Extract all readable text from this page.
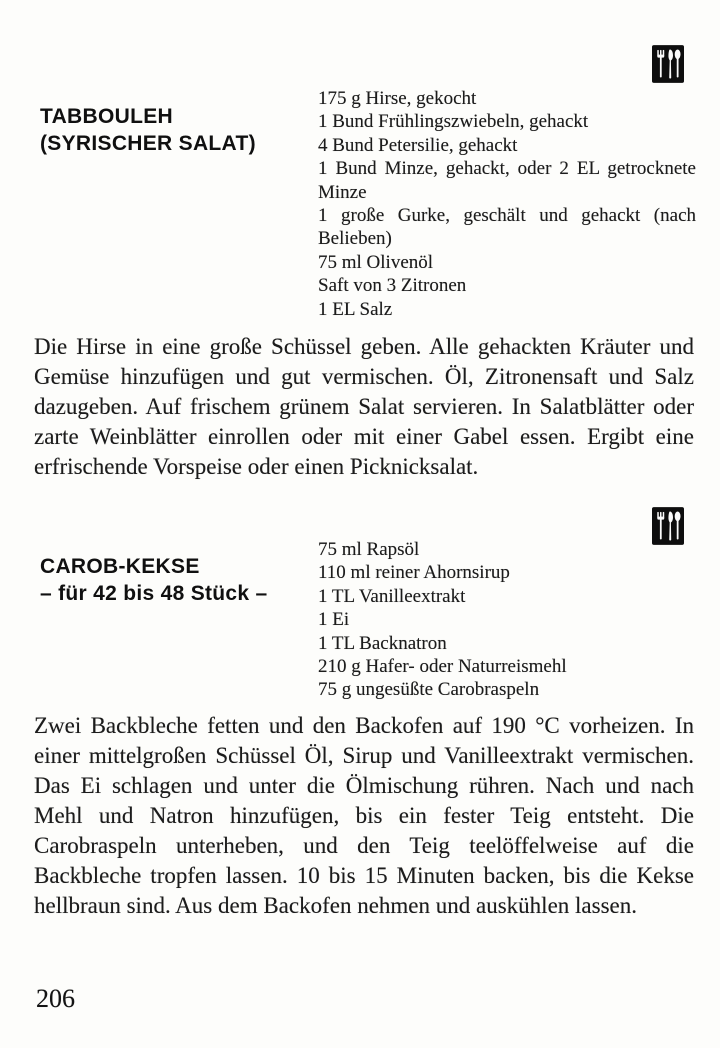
TABBOULEH
(SYRISCHER SALAT)
175 g Hirse, gekocht
1 Bund Frühlingszwiebeln, gehackt
4 Bund Petersilie, gehackt
1 Bund Minze, gehackt, oder 2 EL getrocknete Minze
1 große Gurke, geschält und gehackt (nach Belieben)
75 ml Olivenöl
Saft von 3 Zitronen
1 EL Salz

Die Hirse in eine große Schüssel geben. Alle gehackten Kräuter und Gemüse hinzufügen und gut vermischen. Öl, Zitronensaft und Salz dazugeben. Auf frischem grünem Salat servieren. In Salatblätter oder zarte Weinblätter einrollen oder mit einer Gabel essen. Ergibt eine erfrischende Vorspeise oder einen Picknicksalat.

CAROB-KEKSE
– für 42 bis 48 Stück –
75 ml Rapsöl
110 ml reiner Ahornsirup
1 TL Vanilleextrakt
1 Ei
1 TL Backnatron
210 g Hafer- oder Naturreismehl
75 g ungesüßte Carobraspeln

Zwei Backbleche fetten und den Backofen auf 190 °C vorheizen. In einer mittelgroßen Schüssel Öl, Sirup und Vanilleextrakt vermischen. Das Ei schlagen und unter die Ölmischung rühren. Nach und nach Mehl und Natron hinzufügen, bis ein fester Teig entsteht. Die Carobraspeln unterheben, und den Teig teelöffelweise auf die Backbleche tropfen lassen. 10 bis 15 Minuten backen, bis die Kekse hellbraun sind. Aus dem Backofen nehmen und auskühlen lassen.

206
